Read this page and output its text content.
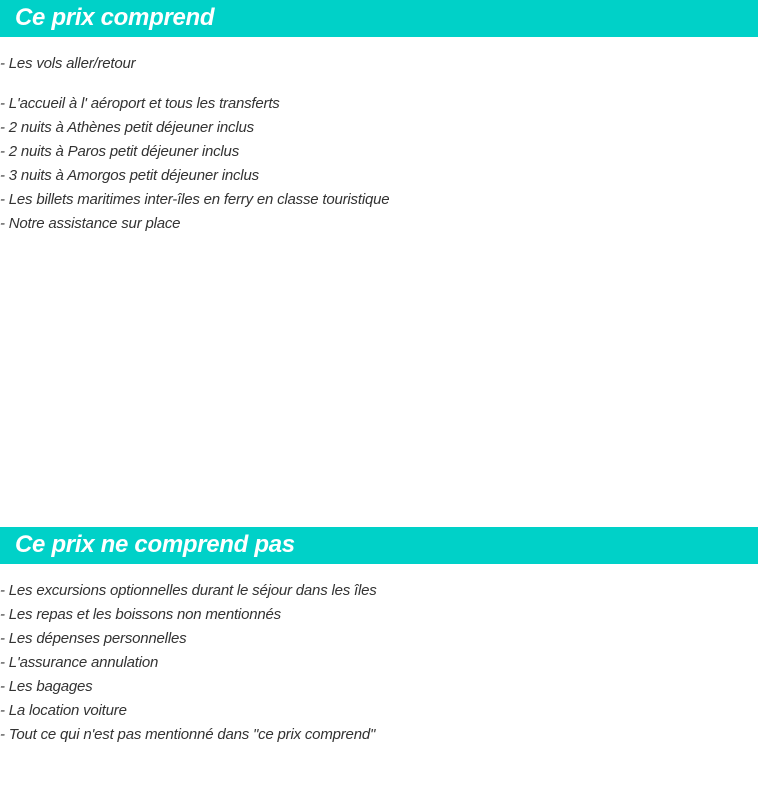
Ce prix comprend
- Les vols aller/retour
- L'accueil à l' aéroport et tous les transferts
- 2 nuits à Athènes petit déjeuner inclus
- 2 nuits à Paros petit déjeuner inclus
- 3 nuits à Amorgos petit déjeuner inclus
- Les billets maritimes inter-îles en ferry en classe touristique
- Notre assistance sur place
Ce prix ne comprend pas
- Les excursions optionnelles durant le séjour dans les îles
- Les repas et les boissons non mentionnés
- Les dépenses personnelles
- L'assurance annulation
- Les bagages
- La location voiture
- Tout ce qui n'est pas mentionné dans "ce prix comprend"
